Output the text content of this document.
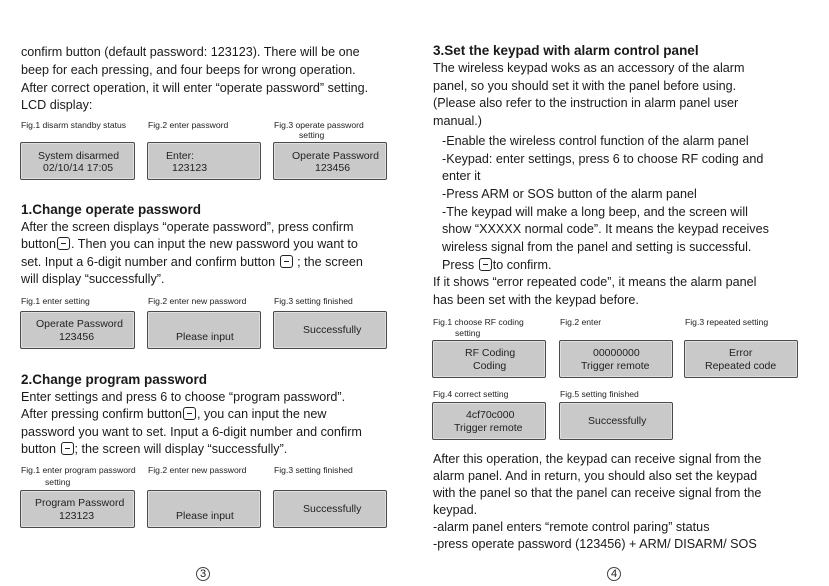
confirm button (default password: 123123). There will be one
beep for each pressing, and four beeps for wrong operation.
After correct operation, it will enter “operate password” setting.
LCD display:
Fig.1 disarm standby status	Fig.2 enter password	Fig.3 operate password
setting
System disarmed
02/10/14 17:05
Enter:
123123
Operate Password
123456
1.Change operate password
After the screen displays “operate password”, press confirm
button . Then you can input the new password you want to
set. Input a 6-digit number and confirm button ; the screen
will display “successfully”.
Fig.1 enter setting	Fig.2 enter new password	Fig.3 setting finished
Operate Password
123456	Please input
Successfully
2.Change program password
Enter settings and press 6 to choose “program password”.
After pressing confirm button , you can input the new
password you want to set. Input a 6-digit number and confirm
button ; the screen will display “successfully”.
Fig.1 enter program password
setting
Fig.2 enter new password	Fig.3 setting finished
Program Password
123123	Please input
Successfully
3
3.Set the keypad with alarm control panel
The wireless keypad woks as an accessory of the alarm
panel, so you should set it with the panel before using.
(Please also refer to the instruction in alarm panel user
manual.)
-Enable the wireless control function of the alarm panel
-Keypad: enter settings, press 6 to choose RF coding and
enter it
-Press ARM or SOS button of the alarm panel
-The keypad will make a long beep, and the screen will
show “XXXXX normal code”. It means the keypad receives
wireless signal from the panel and setting is successful.
Press to confirm.
If it shows “error repeated code”, it means the alarm panel
has been set with the keypad before.
Fig.1 choose RF coding
setting
Fig.2 enter	Fig.3 repeated setting
RF Coding
Coding
00000000
Trigger remote
Error
Repeated code
Fig.4 correct setting	Fig.5 setting finished
4cf70c000
Trigger remote
Successfully
After this operation, the keypad can receive signal from the
alarm panel. And in return, you should also set the keypad
with the panel so that the panel can receive signal from the
keypad.
-alarm panel enters “remote control paring” status
-press operate password (123456) + ARM/ DISARM/ SOS
4
